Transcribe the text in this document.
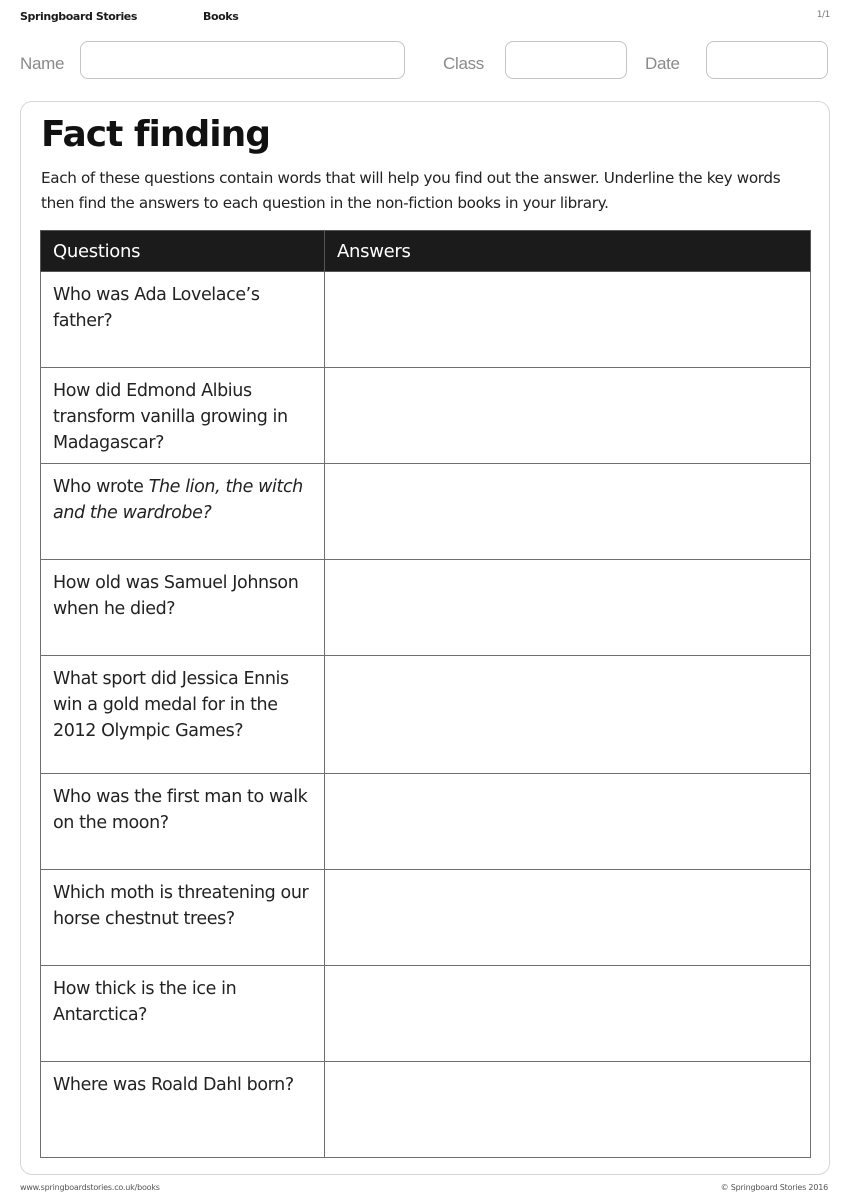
Springboard Stories	Books	1/1
Name	Class	Date
Fact finding
Each of these questions contain words that will help you find out the answer. Underline the key words then find the answers to each question in the non-fiction books in your library.
Questions	Answers
Who was Ada Lovelace’s father?	
How did Edmond Albius transform vanilla growing in Madagascar?	
Who wrote The lion, the witch and the wardrobe?	
How old was Samuel Johnson when he died?	
What sport did Jessica Ennis win a gold medal for in the 2012 Olympic Games?	
Who was the first man to walk on the moon?	
Which moth is threatening our horse chestnut trees?	
How thick is the ice in Antarctica?	
Where was Roald Dahl born?	
www.springboardstories.co.uk/books	© Springboard Stories 2016
